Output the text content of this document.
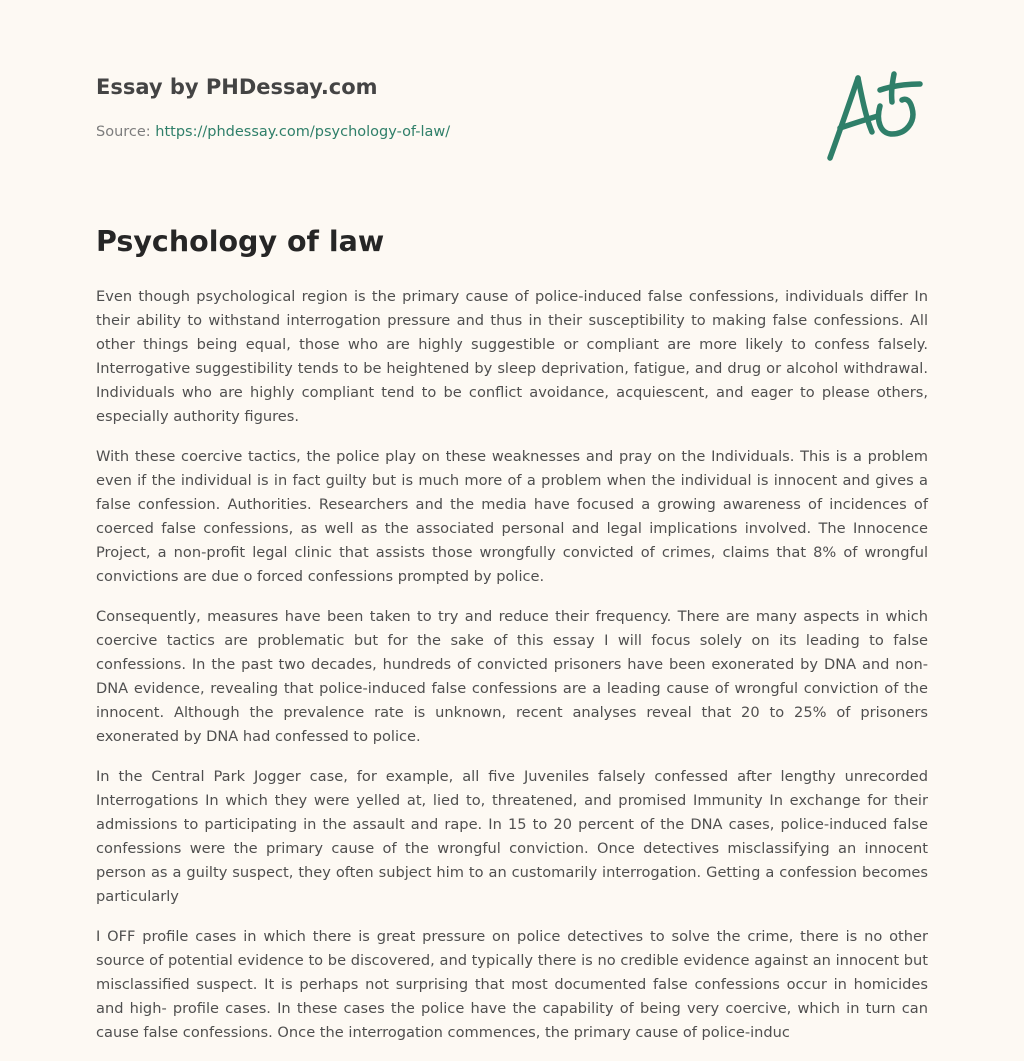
Essay by PHDessay.com
Source: https://phdessay.com/psychology-of-law/
Psychology of law

Even though psychological region is the primary cause of police-induced false confessions, individuals differ In their ability to withstand interrogation pressure and thus in their susceptibility to making false confessions. All other things being equal, those who are highly suggestible or compliant are more likely to confess falsely. Interrogative suggestibility tends to be heightened by sleep deprivation, fatigue, and drug or alcohol withdrawal. Individuals who are highly compliant tend to be conflict avoidance, acquiescent, and eager to please others, especially authority figures.

With these coercive tactics, the police play on these weaknesses and pray on the Individuals. This is a problem even if the individual is in fact guilty but is much more of a problem when the individual is innocent and gives a false confession. Authorities. Researchers and the media have focused a growing awareness of incidences of coerced false confessions, as well as the associated personal and legal implications involved. The Innocence Project, a non-profit legal clinic that assists those wrongfully convicted of crimes, claims that 8% of wrongful convictions are due o forced confessions prompted by police.

Consequently, measures have been taken to try and reduce their frequency. There are many aspects in which coercive tactics are problematic but for the sake of this essay I will focus solely on its leading to false confessions. In the past two decades, hundreds of convicted prisoners have been exonerated by DNA and non-DNA evidence, revealing that police-induced false confessions are a leading cause of wrongful conviction of the innocent. Although the prevalence rate is unknown, recent analyses reveal that 20 to 25% of prisoners exonerated by DNA had confessed to police.

In the Central Park Jogger case, for example, all five Juveniles falsely confessed after lengthy unrecorded Interrogations In which they were yelled at, lied to, threatened, and promised Immunity In exchange for their admissions to participating in the assault and rape. In 15 to 20 percent of the DNA cases, police-induced false confessions were the primary cause of the wrongful conviction. Once detectives misclassifying an innocent person as a guilty suspect, they often subject him to an customarily interrogation. Getting a confession becomes particularly

I OFF profile cases in which there is great pressure on police detectives to solve the crime, there is no other source of potential evidence to be discovered, and typically there is no credible evidence against an innocent but misclassified suspect. It is perhaps not surprising that most documented false confessions occur in homicides and high- profile cases. In these cases the police have the capability of being very coercive, which in turn can cause false confessions. Once the interrogation commences, the primary cause of police-induc
